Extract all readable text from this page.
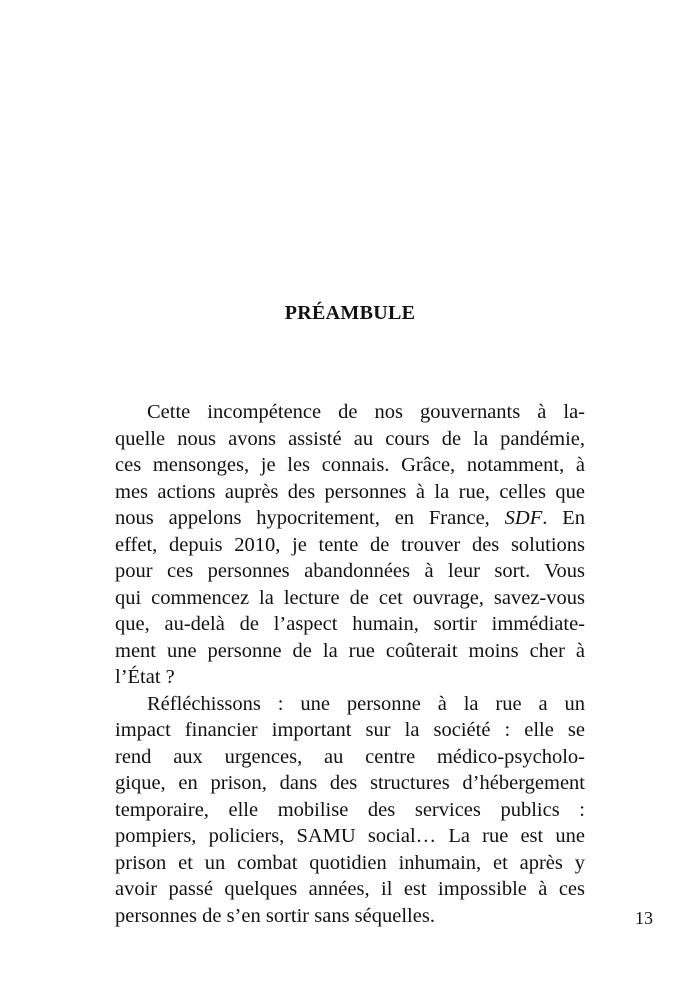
PRÉAMBULE

Cette incompétence de nos gouvernants à la-
quelle nous avons assisté au cours de la pandémie,
ces mensonges, je les connais. Grâce, notamment, à
mes actions auprès des personnes à la rue, celles que
nous appelons hypocritement, en France, SDF. En
effet, depuis 2010, je tente de trouver des solutions
pour ces personnes abandonnées à leur sort. Vous
qui commencez la lecture de cet ouvrage, savez-vous
que, au-delà de l’aspect humain, sortir immédiate-
ment une personne de la rue coûterait moins cher à
l’État ?

Réfléchissons : une personne à la rue a un
impact financier important sur la société : elle se
rend aux urgences, au centre médico-psycholo-
gique, en prison, dans des structures d’hébergement
temporaire, elle mobilise des services publics :
pompiers, policiers, SAMU social… La rue est une
prison et un combat quotidien inhumain, et après y
avoir passé quelques années, il est impossible à ces
personnes de s’en sortir sans séquelles.	13
